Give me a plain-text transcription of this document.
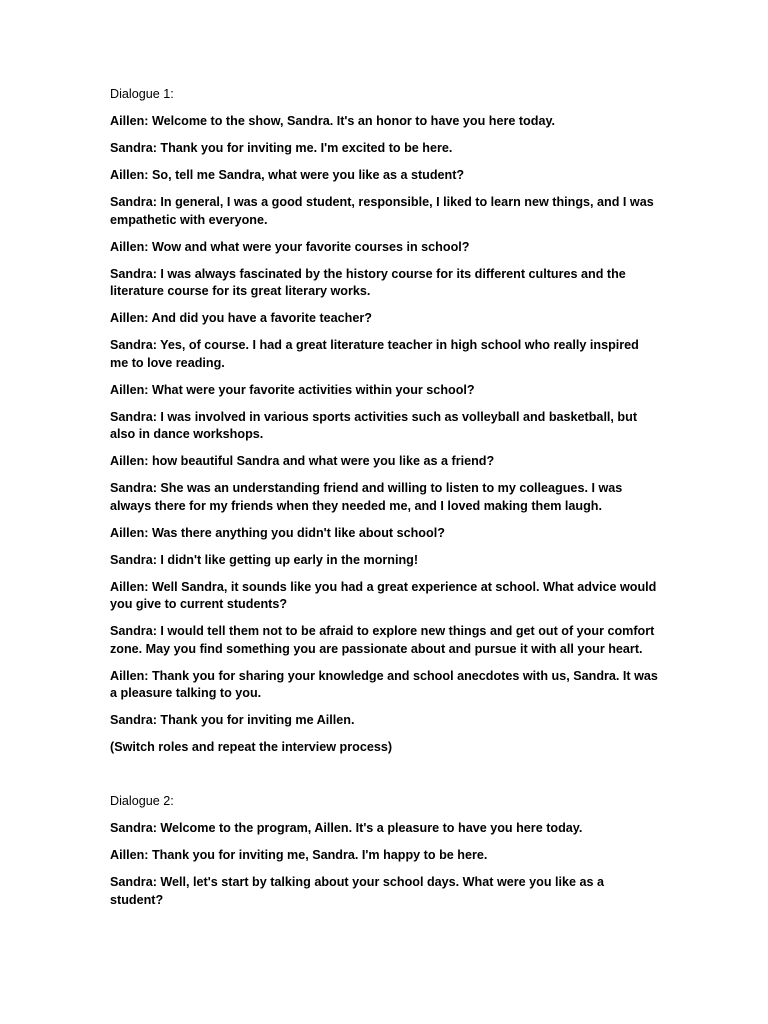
Dialogue 1:

Aillen: Welcome to the show, Sandra. It's an honor to have you here today.

Sandra: Thank you for inviting me. I'm excited to be here.

Aillen: So, tell me Sandra, what were you like as a student?

Sandra: In general, I was a good student, responsible, I liked to learn new things, and I was empathetic with everyone.

Aillen: Wow and what were your favorite courses in school?

Sandra: I was always fascinated by the history course for its different cultures and the literature course for its great literary works.

Aillen: And did you have a favorite teacher?

Sandra: Yes, of course. I had a great literature teacher in high school who really inspired me to love reading.

Aillen: What were your favorite activities within your school?

Sandra: I was involved in various sports activities such as volleyball and basketball, but also in dance workshops.

Aillen: how beautiful Sandra and what were you like as a friend?

Sandra: She was an understanding friend and willing to listen to my colleagues. I was always there for my friends when they needed me, and I loved making them laugh.

Aillen: Was there anything you didn't like about school?

Sandra: I didn't like getting up early in the morning!

Aillen: Well Sandra, it sounds like you had a great experience at school. What advice would you give to current students?

Sandra: I would tell them not to be afraid to explore new things and get out of your comfort zone. May you find something you are passionate about and pursue it with all your heart.

Aillen: Thank you for sharing your knowledge and school anecdotes with us, Sandra. It was a pleasure talking to you.

Sandra: Thank you for inviting me Aillen.

(Switch roles and repeat the interview process)

Dialogue 2:

Sandra: Welcome to the program, Aillen. It's a pleasure to have you here today.

Aillen: Thank you for inviting me, Sandra. I'm happy to be here.

Sandra: Well, let's start by talking about your school days. What were you like as a student?
